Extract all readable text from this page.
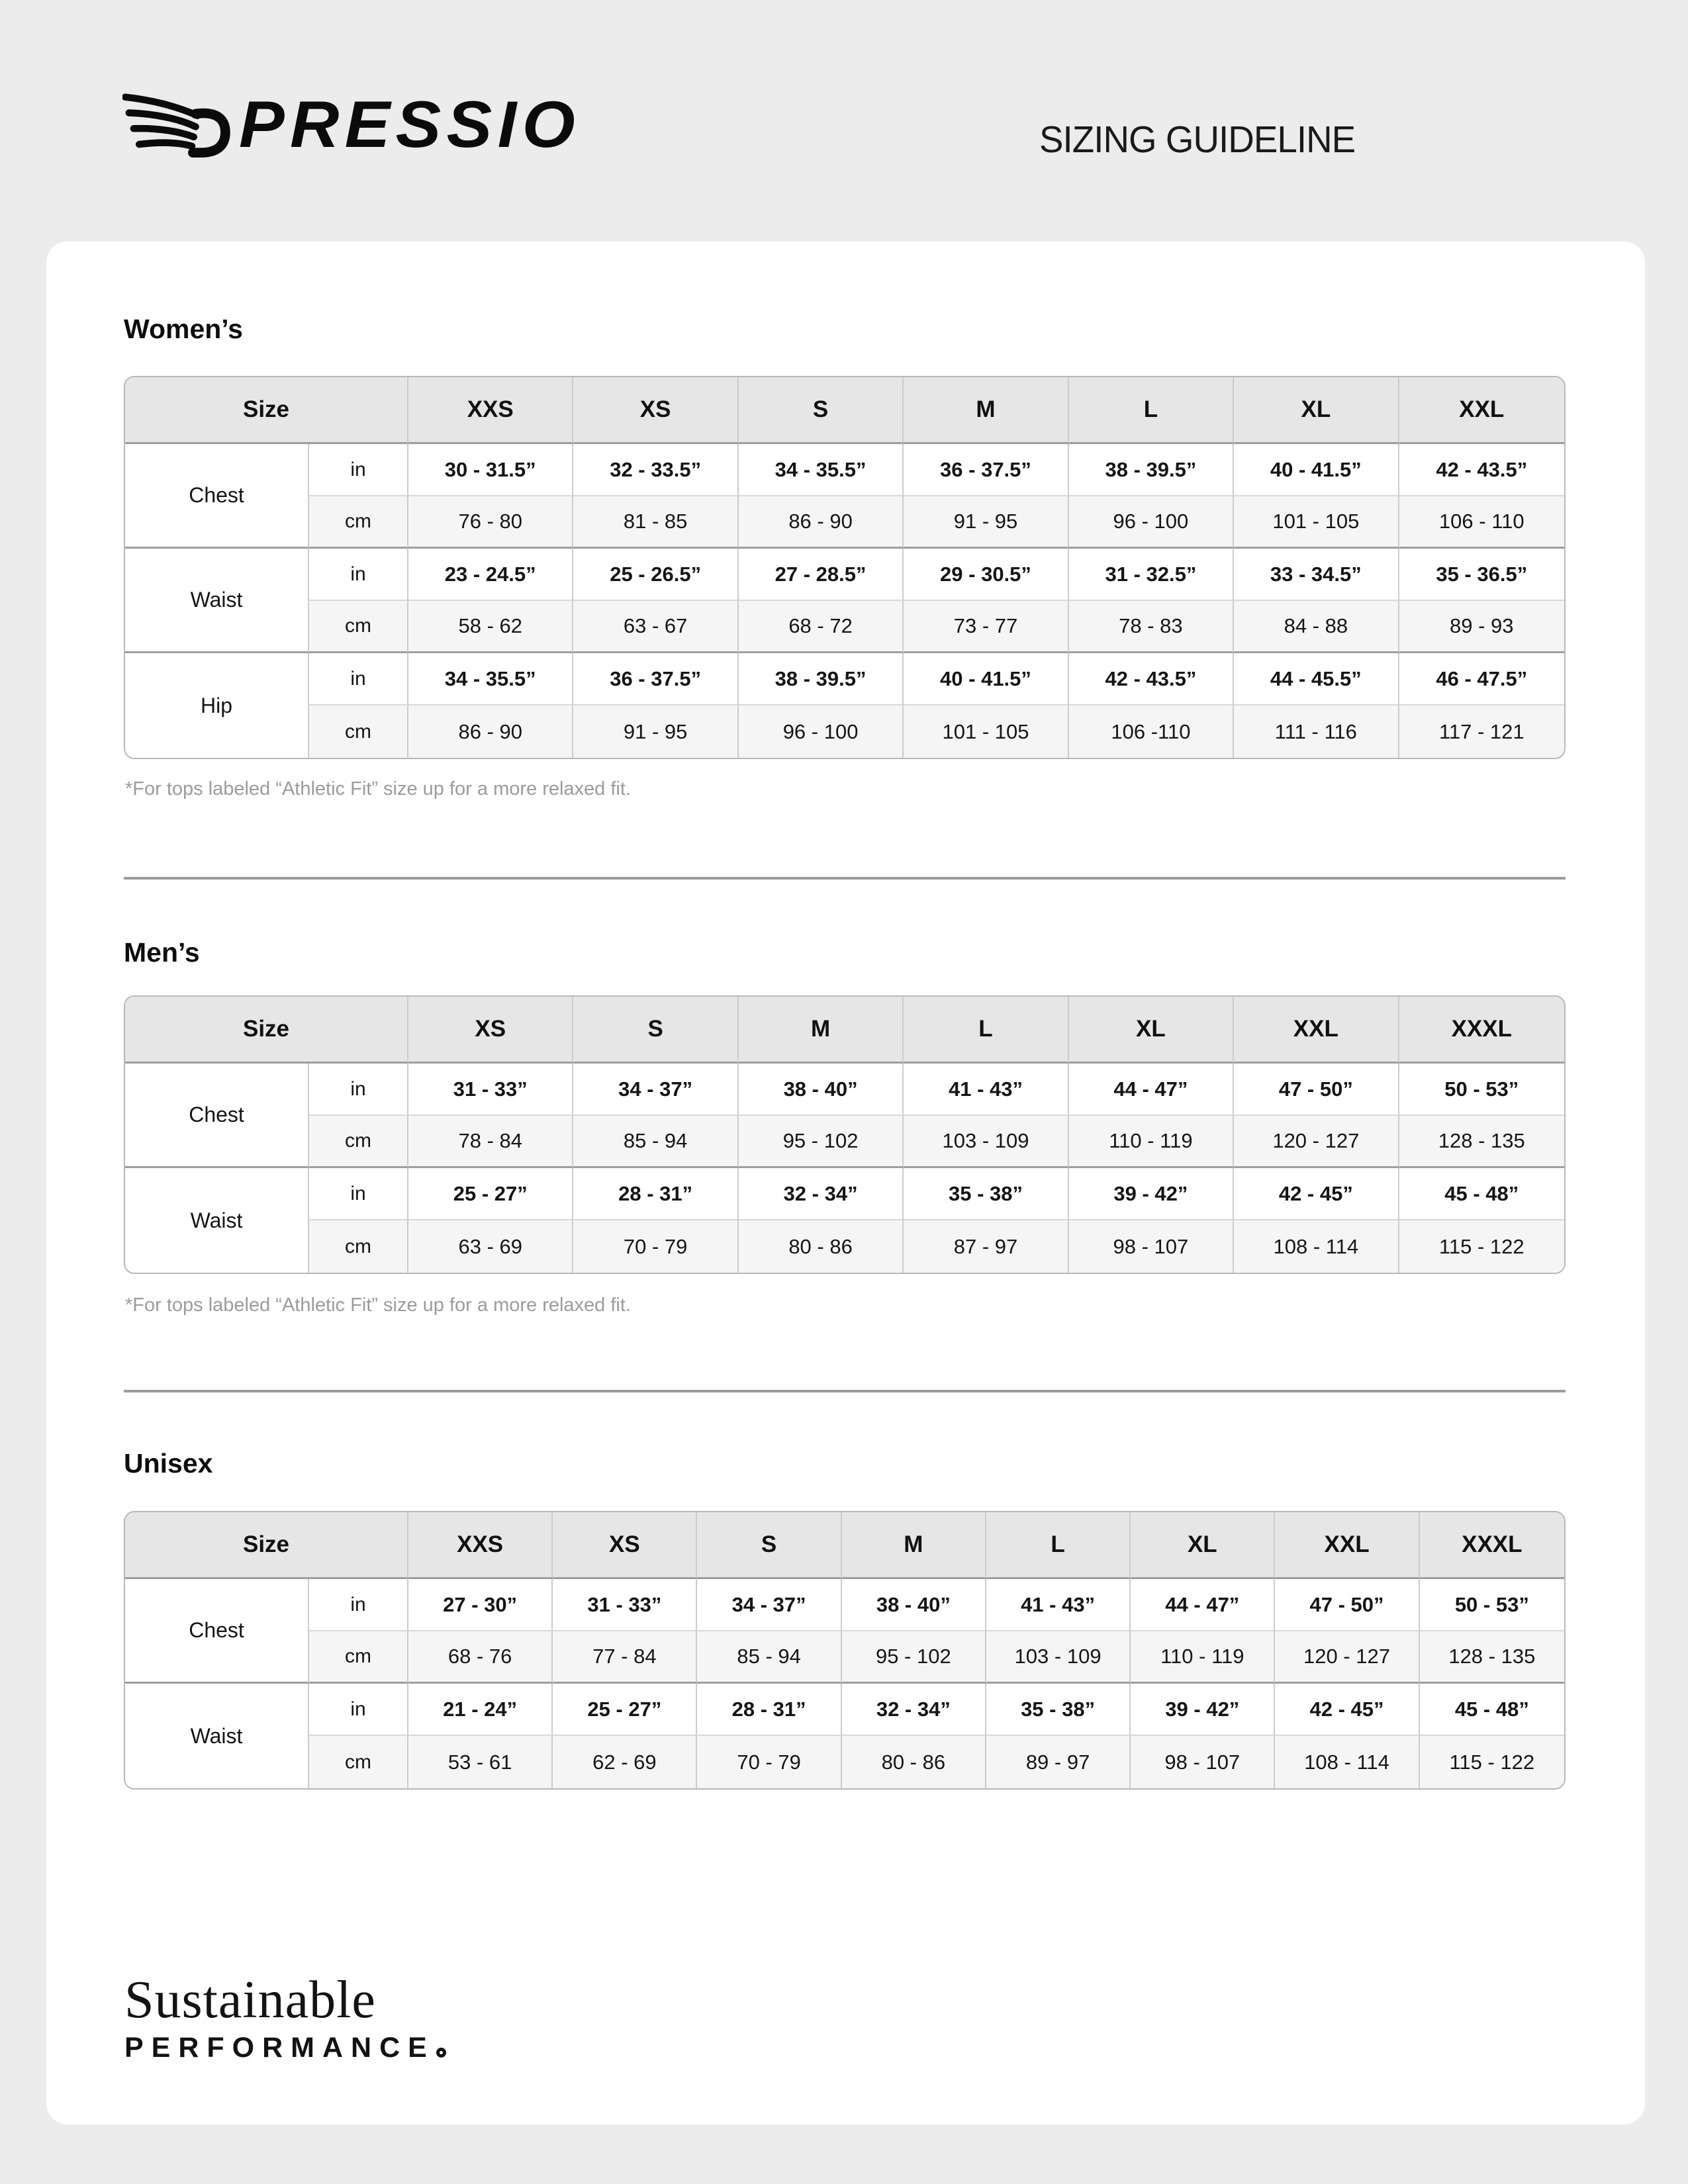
PRESSIO	SIZING GUIDELINE
Women’s
Size		XXS	XS	S	M	L	XL	XXL
Chest	in	30 - 31.5”	32 - 33.5”	34 - 35.5”	36 - 37.5”	38 - 39.5”	40 - 41.5”	42 - 43.5”
	cm	76 - 80	81 - 85	86 - 90	91 - 95	96 - 100	101 - 105	106 - 110
Waist	in	23 - 24.5”	25 - 26.5”	27 - 28.5”	29 - 30.5”	31 - 32.5”	33 - 34.5”	35 - 36.5”
	cm	58 - 62	63 - 67	68 - 72	73 - 77	78 - 83	84 - 88	89 - 93
Hip	in	34 - 35.5”	36 - 37.5”	38 - 39.5”	40 - 41.5”	42 - 43.5”	44 - 45.5”	46 - 47.5”
	cm	86 - 90	91 - 95	96 - 100	101 - 105	106 -110	111 - 116	117 - 121

*For tops labeled “Athletic Fit” size up for a more relaxed fit.

Men’s
Size		XS	S	M	L	XL	XXL	XXXL
Chest	in	31 - 33”	34 - 37”	38 - 40”	41 - 43”	44 - 47”	47 - 50”	50 - 53”
	cm	78 - 84	85 - 94	95 - 102	103 - 109	110 - 119	120 - 127	128 - 135
Waist	in	25 - 27”	28 - 31”	32 - 34”	35 - 38”	39 - 42”	42 - 45”	45 - 48”
	cm	63 - 69	70 - 79	80 - 86	87 - 97	98 - 107	108 - 114	115 - 122

*For tops labeled “Athletic Fit” size up for a more relaxed fit.

Unisex
Size		XXS	XS	S	M	L	XL	XXL	XXXL
Chest	in	27 - 30”	31 - 33”	34 - 37”	38 - 40”	41 - 43”	44 - 47”	47 - 50”	50 - 53”
	cm	68 - 76	77 - 84	85 - 94	95 - 102	103 - 109	110 - 119	120 - 127	128 - 135
Waist	in	21 - 24”	25 - 27”	28 - 31”	32 - 34”	35 - 38”	39 - 42”	42 - 45”	45 - 48”
	cm	53 - 61	62 - 69	70 - 79	80 - 86	89 - 97	98 - 107	108 - 114	115 - 122
Sustainable
PERFORMANCE
